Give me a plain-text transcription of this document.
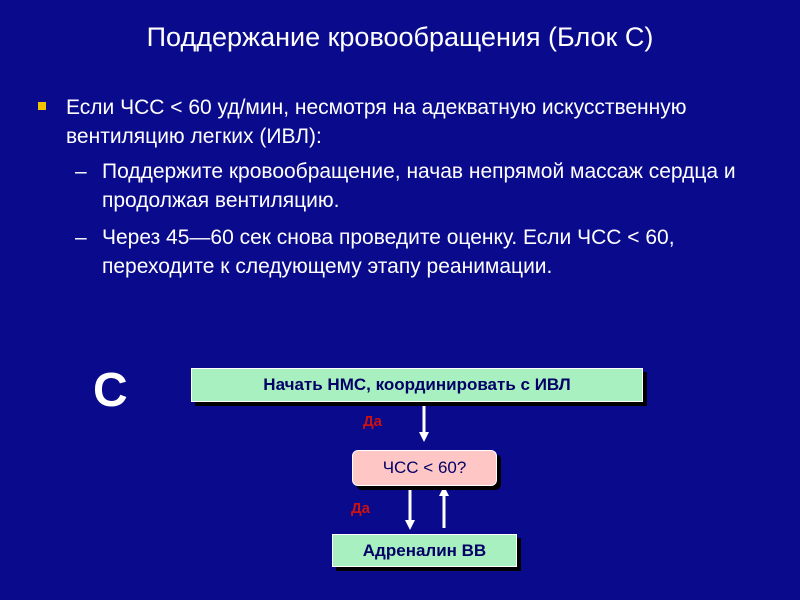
Поддержание кровообращения (Блок С)
Если ЧСС < 60 уд/мин, несмотря на адекватную искусственную вентиляцию легких (ИВЛ):
– Поддержите кровообращение, начав непрямой массаж сердца и продолжая вентиляцию.
– Через 45—60 сек снова проведите оценку. Если ЧСС < 60, переходите к следующему этапу реанимации.
С	Начать НМС, координировать с ИВЛ
Да
ЧСС < 60?
Да
Адреналин ВВ
